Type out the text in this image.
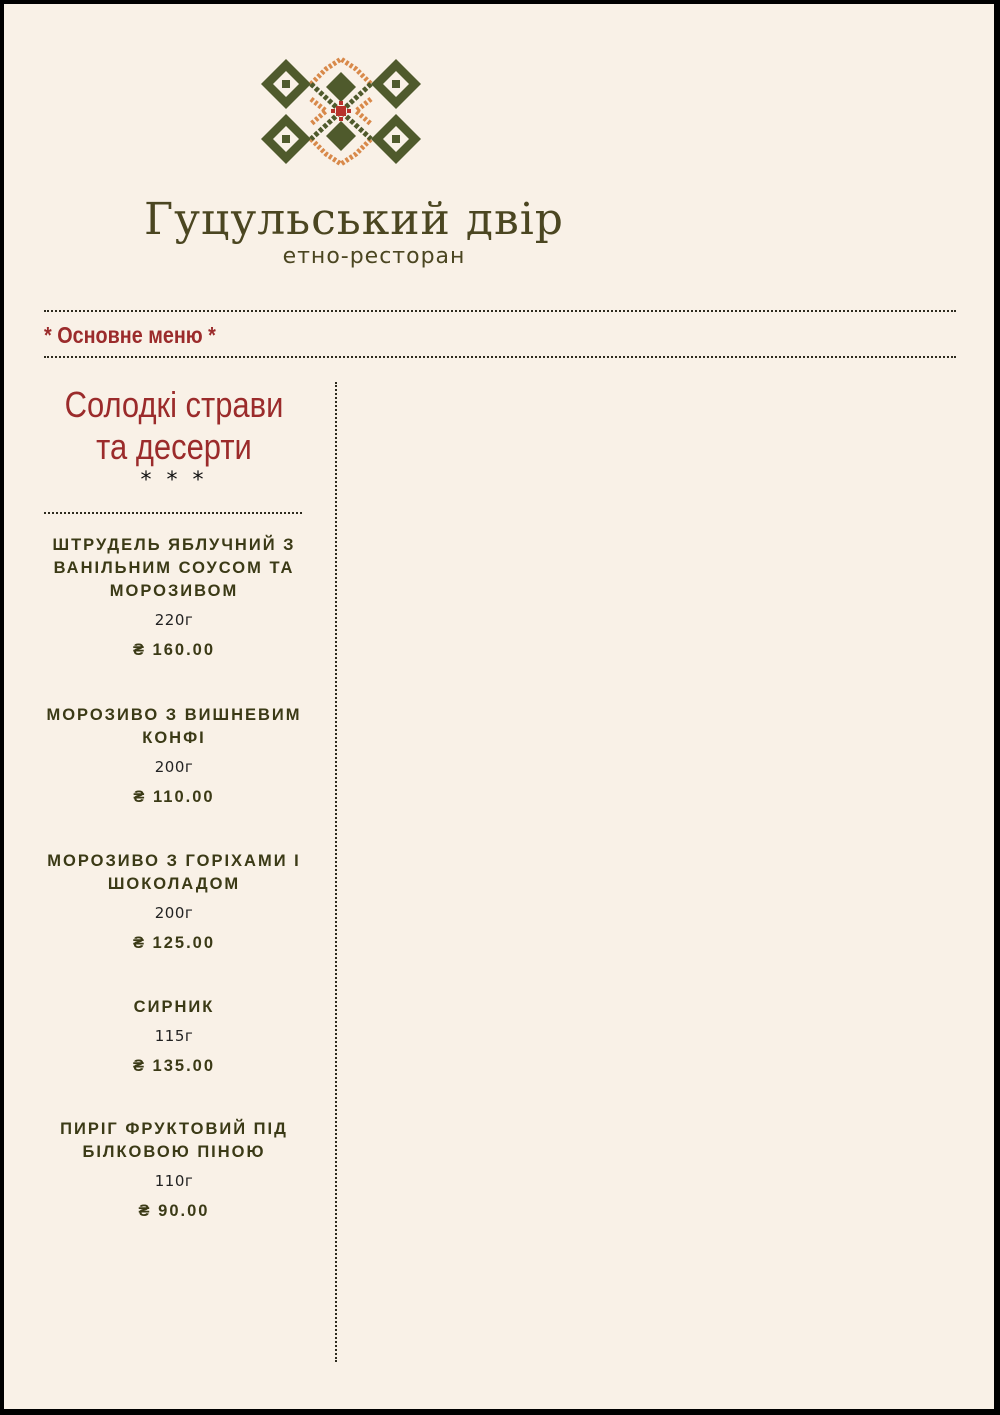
Гуцульський двір
етно-ресторан
* Основне меню *
Солодкі страви та десерти
* * *
ШТРУДЕЛЬ ЯБЛУЧНИЙ З ВАНІЛЬНИМ СОУСОМ ТА МОРОЗИВОМ
220г
₴ 160.00
МОРОЗИВО З ВИШНЕВИМ КОНФІ
200г
₴ 110.00
МОРОЗИВО З ГОРІХАМИ І ШОКОЛАДОМ
200г
₴ 125.00
СИРНИК
115г
₴ 135.00
ПИРІГ ФРУКТОВИЙ ПІД БІЛКОВОЮ ПІНОЮ
110г
₴ 90.00
